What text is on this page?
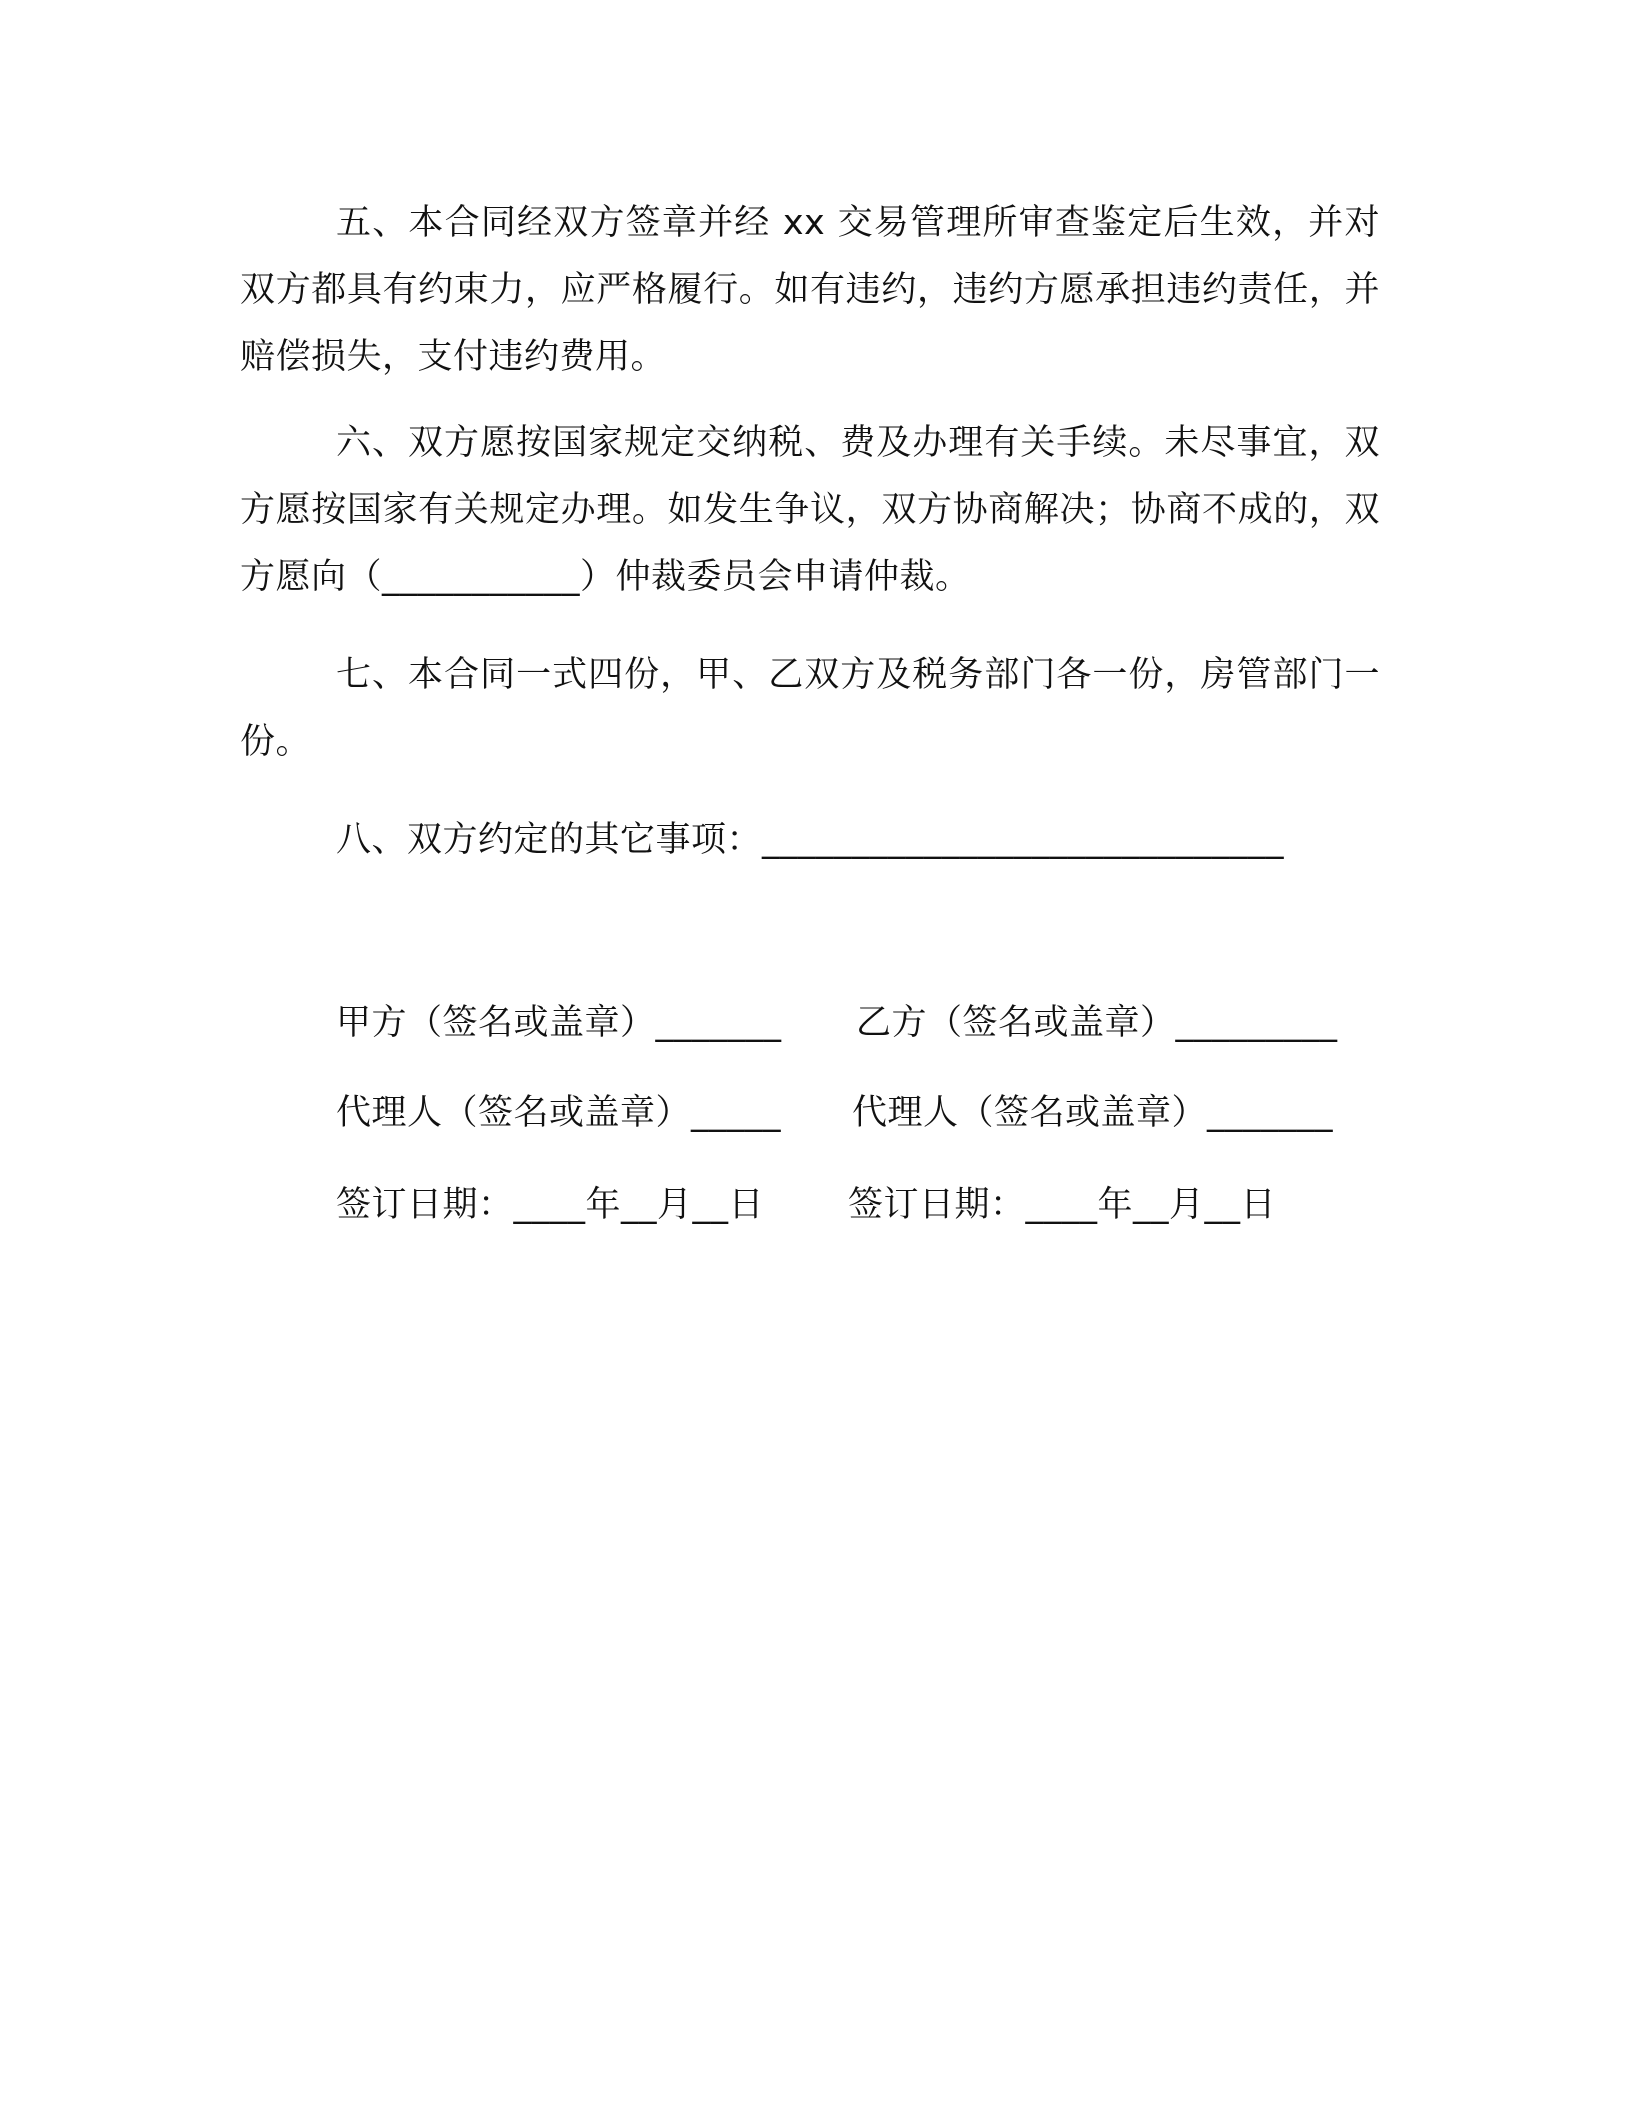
五、本合同经双方签章并经 xx 交易管理所审查鉴定后生效，并对双方都具有约束力，应严格履行。如有违约，违约方愿承担违约责任，并赔偿损失，支付违约费用。

六、双方愿按国家规定交纳税、费及办理有关手续。未尽事宜，双方愿按国家有关规定办理。如发生争议，双方协商解决；协商不成的，双方愿向（___________）仲裁委员会申请仲裁。

七、本合同一式四份，甲、乙双方及税务部门各一份，房管部门一份。

八、双方约定的其它事项：_____________________________

甲方（签名或盖章）_______ 乙方（签名或盖章）_________
代理人（签名或盖章）_____ 代理人（签名或盖章）_______
签订日期：____年__月__日 签订日期：____年__月__日
